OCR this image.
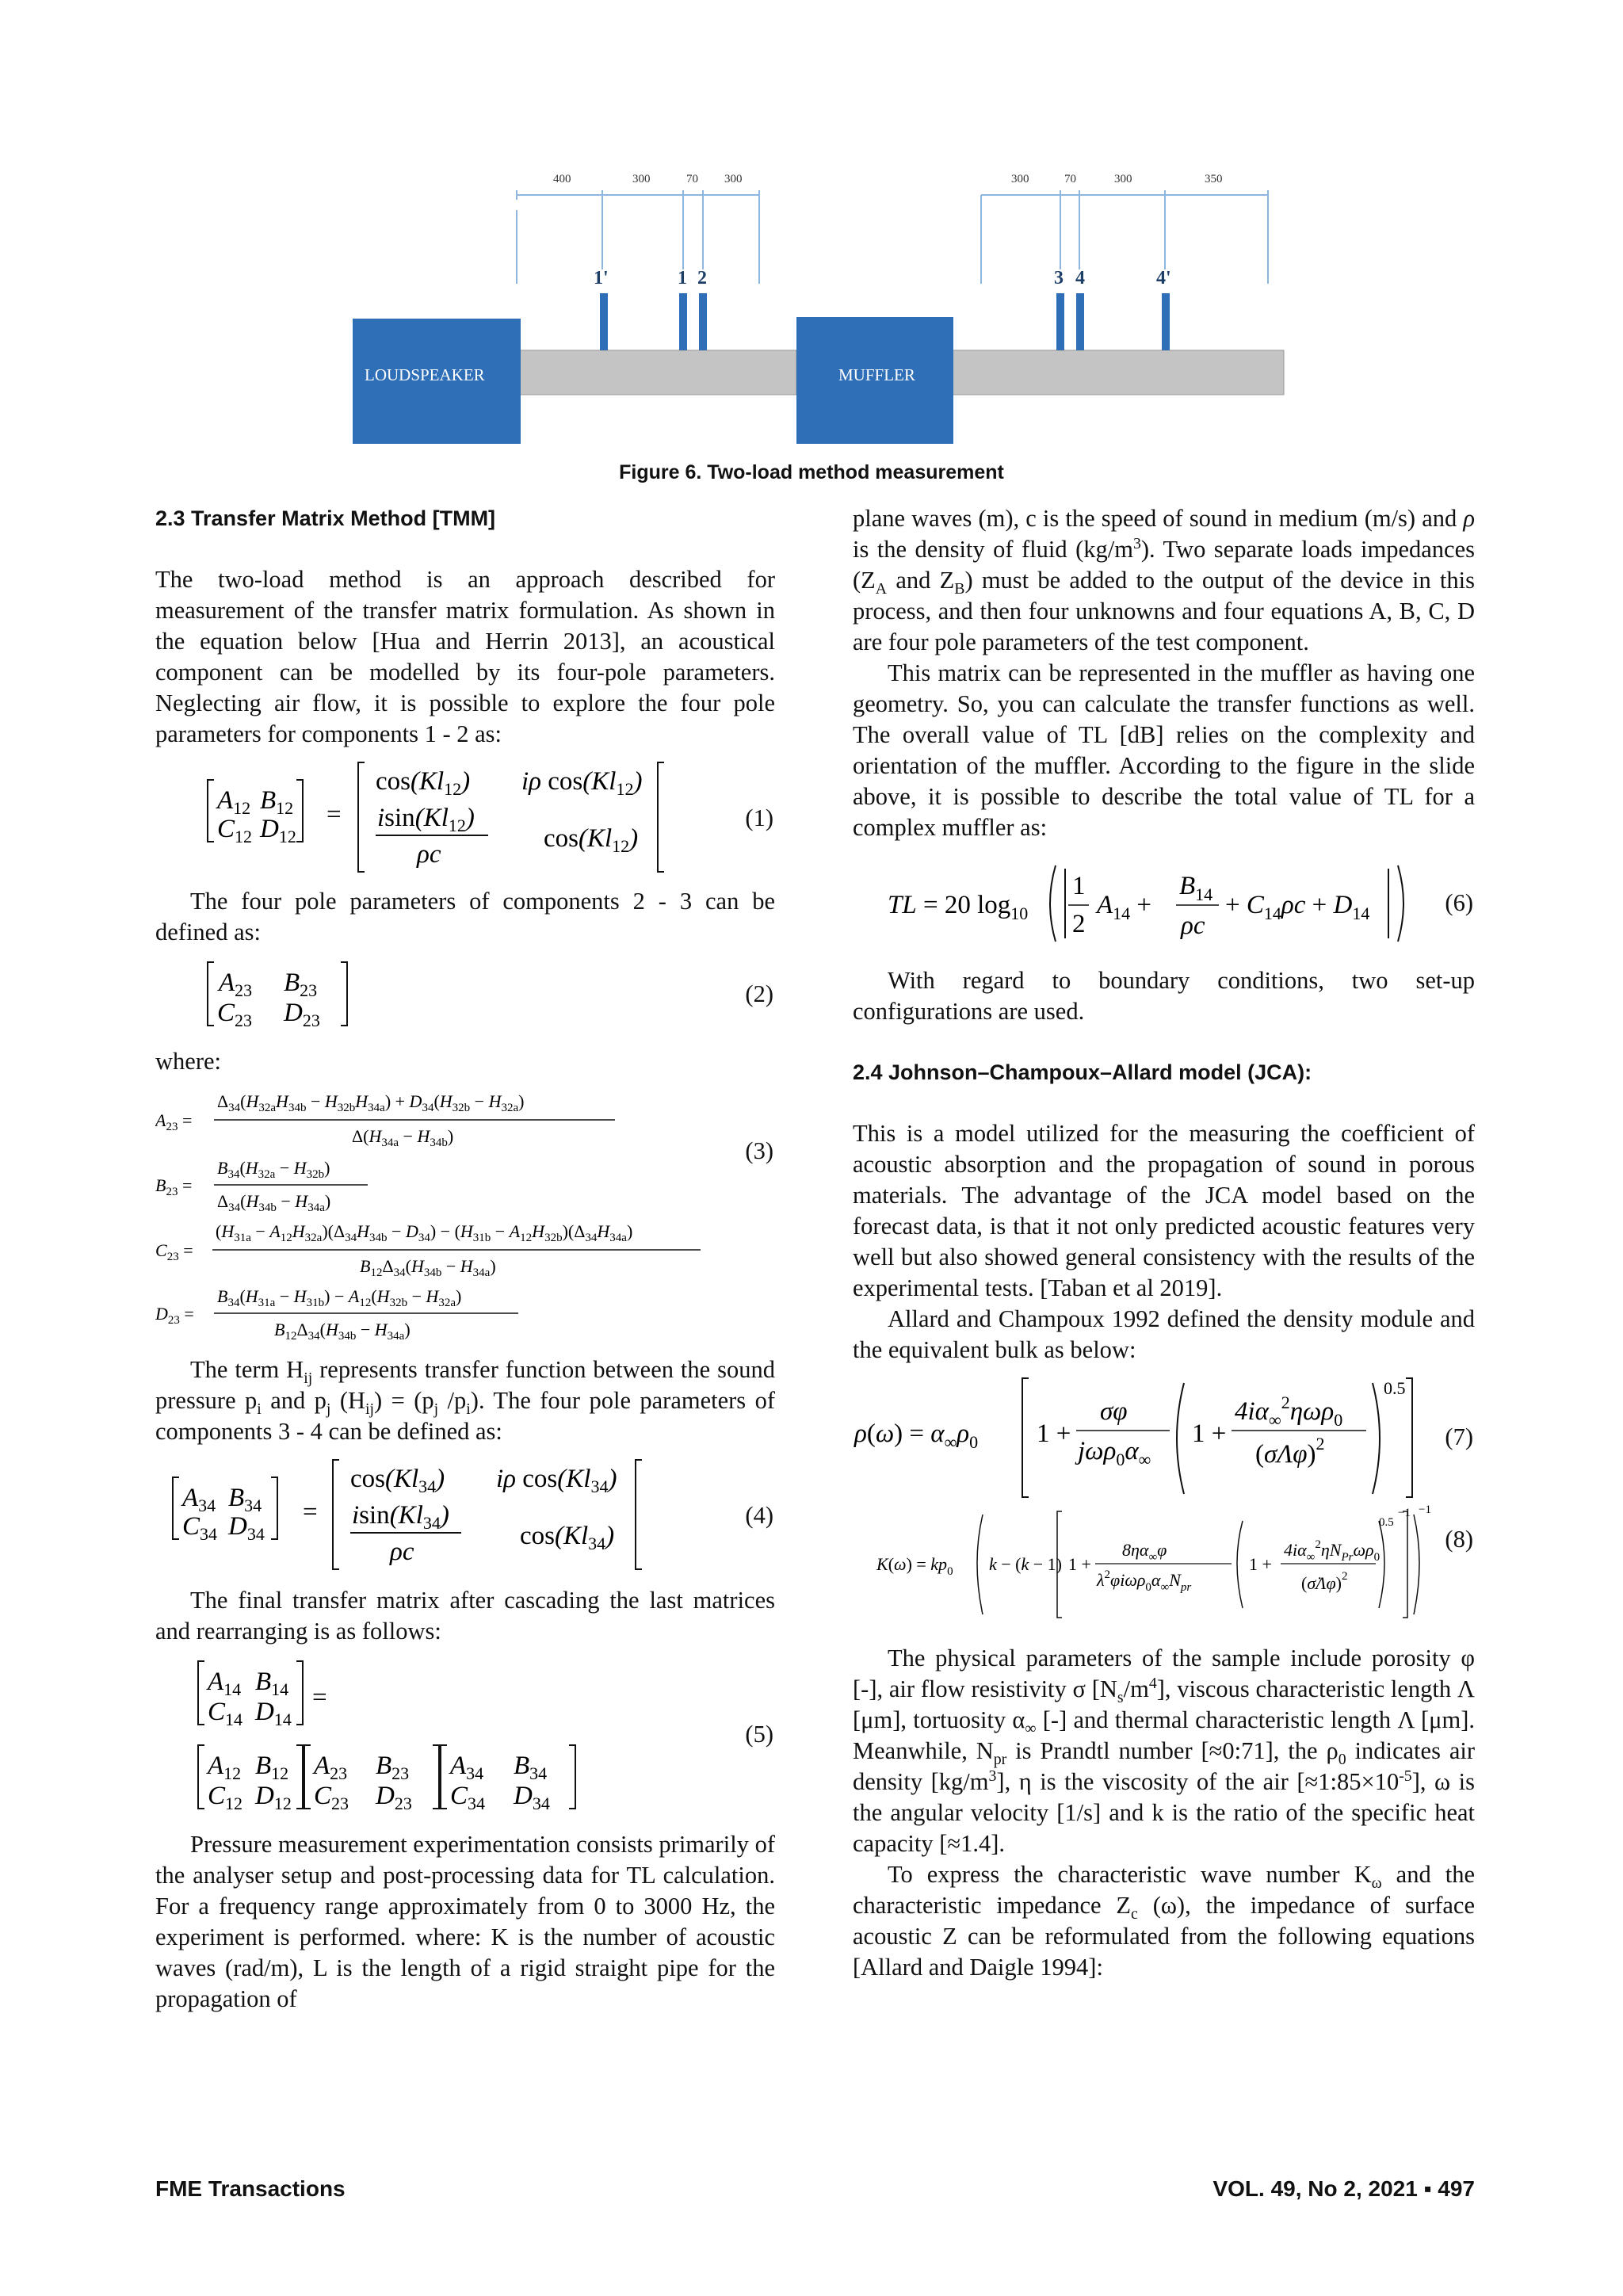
400	300	70 300	300	70	300	350
1'	1 2	3 4	4'
LOUDSPEAKER	MUFFLER
Figure 6. Two-load method measurement
2.3 Transfer Matrix Method [TMM]

The two-load method is an approach described for measurement of the transfer matrix formulation. As shown in the equation below [Hua and Herrin 2013], an acoustical component can be modelled by its four-pole parameters. Neglecting air flow, it is possible to explore the four pole parameters for components 1 - 2 as:

$A_{12}$ $B_{12}$
$C_{12}$ $D_{12}$
=
$\cos(Kl_{12})$ iρ $\cos(Kl_{12})$
$isin(Kl_{12})$
ρc
$\cos(Kl_{12})$
(1)

The four pole parameters of components 2 - 3 can be defined as:

$A_{23}$ $B_{23}$
$C_{23}$ $D_{23}$
(2)

where:

$A_{23}$ =
$\Delta_{34}(H_{32a}H_{34b} - H_{32b}H_{34a}) + D_{34}(H_{32b} - H_{32a})$
$\Delta(H_{34a} - H_{34b})$
$B_{23}$ =
$B_{34}(H_{32a} - H_{32b})$
$\Delta_{34}(H_{34b} - H_{34a})$
$C_{23}$ =
$(H_{31a} - A_{12}H_{32a})(\Delta_{34}H_{34b} - D_{34}) - (H_{31b} - A_{12}H_{32b})(\Delta_{34}H_{34a})$
$B_{12}\Delta_{34}(H_{34b} - H_{34a})$
$D_{23}$ =
$B_{34}(H_{31a} - H_{31b}) - A_{12}(H_{32b} - H_{32a})$
$B_{12}\Delta_{34}(H_{34b} - H_{34a})$
(3)

The term $H_{ij}$ represents transfer function between the sound pressure $p_i$ and $p_j$ $(H_{ij}) = (p_j$ $/p_i$). The four pole parameters of components 3 - 4 can be defined as:

$A_{34}$ $B_{34}$
$C_{34}$ $D_{34}$
=
$\cos(Kl_{34})$ iρ $\cos(Kl_{34})$
$isin(Kl_{34})$
ρc
$\cos(Kl_{34})$
(4)

The final transfer matrix after cascading the last matrices and rearranging is as follows:

$A_{14}$ $B_{14}$
$C_{14}$ $D_{14}$
=
$A_{12}$ $B_{12}$
$C_{12}$ $D_{12}$
$A_{23}$ $B_{23}$
$C_{23}$ $D_{23}$
$A_{34}$ $B_{34}$
$C_{34}$ $D_{34}$
(5)

Pressure measurement experimentation consists primarily of the analyser setup and post-processing data for TL calculation. For a frequency range approximately from 0 to 3000 Hz, the experiment is performed. where: K is the number of acoustic waves (rad/m), L is the length of a rigid straight pipe for the propagation of

plane waves (m), c is the speed of sound in medium (m/s) and ρ is the density of fluid $(kg/m^3)$. Two separate loads impedances ($Z_A$ and $Z_B$) must be added to the output of the device in this process, and then four unknowns and four equations A, B, C, D are four pole parameters of the test component.

This matrix can be represented in the muffler as having one geometry. So, you can calculate the transfer functions as well. The overall value of TL [dB] relies on the complexity and orientation of the muffler. According to the figure in the slide above, it is possible to describe the total value of TL for a complex muffler as:

TL = 20 $\log_{10}$
1
2
$A_{14}$ +
$B_{14}$
ρc
+ $C_{14}\rho c + D_{14}$	(6)

With regard to boundary conditions, two set-up configurations are used.

2.4 Johnson–Champoux–Allard model (JCA):

This is a model utilized for the measuring the coefficient of acoustic absorption and the propagation of sound in porous materials. The advantage of the JCA model based on the forecast data, is that it not only predicted acoustic features very well but also showed general consistency with the results of the experimental tests. [Taban et al 2019].

Allard and Champoux 1992 defined the density module and the equivalent bulk as below:

$\rho(\omega) = \alpha_\infty\rho_0$ 1 +
σφ
$j\omega\rho_0\alpha_\infty$
1 +
$4i\alpha_\infty^2\eta\omega\rho_0$
$(\sigma\Lambda\varphi)^2$
0.5
(7)
$K(\omega) = kp_0$ k − (k − 1) 1 +
$8\eta\alpha_\infty\varphi$
$\lambda^2\varphi i\omega\rho_0\alpha_\infty N_{pr}$
1 +
$4i\alpha_\infty^2\eta N_{Pr}\omega\rho_0$
(σ̇Λφ)$^2$
0.5
−1 −1
(8)

The physical parameters of the sample include porosity φ [-], air flow resistivity σ $[N_s/m^4]$, viscous characteristic length Λ [μm], tortuosity $\alpha_\infty$ [-] and thermal characteristic length Λ [μm]. Meanwhile, $N_{pr}$ is Prandtl number [≈0:71], the $\rho_0$ indicates air density $[kg/m^3]$, η is the viscosity of the air $[\approx 1:85\times 10^{-5}]$, ω is the angular velocity [1/s] and k is the ratio of the specific heat capacity [≈1.4].

To express the characteristic wave number $K_\omega$ and the characteristic impedance $Z_c$ (ω), the impedance of surface acoustic Z can be reformulated from the following equations [Allard and Daigle 1994]:

FME Transactions	VOL. 49, No 2, 2021 ▪ 497
